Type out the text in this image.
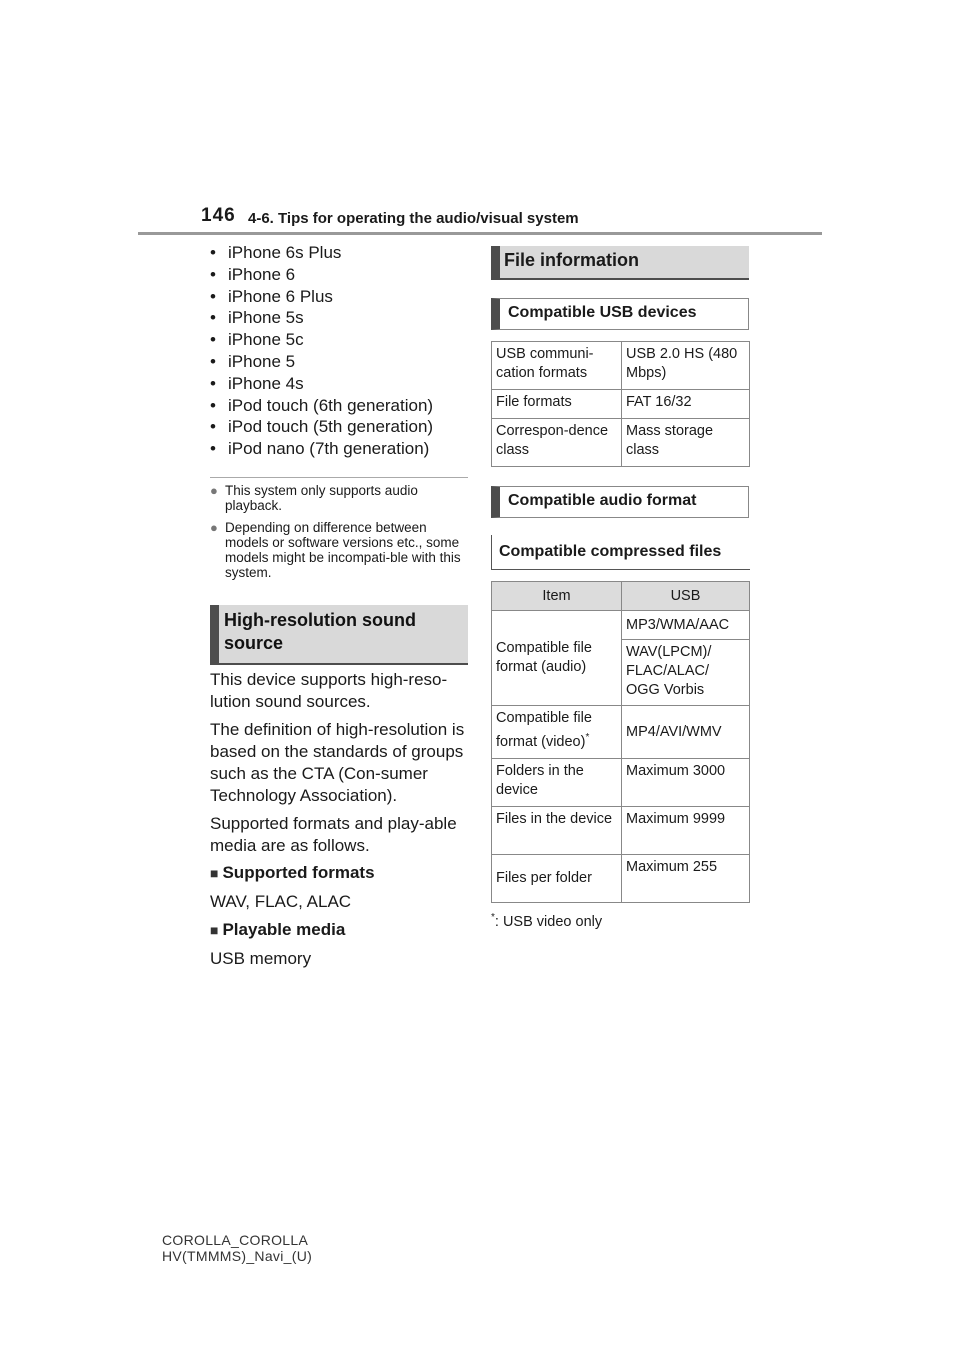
146 4-6. Tips for operating the audio/visual system
• iPhone 6s Plus
• iPhone 6
• iPhone 6 Plus
• iPhone 5s
• iPhone 5c
• iPhone 5
• iPhone 4s
• iPod touch (6th generation)
• iPod touch (5th generation)
• iPod nano (7th generation)
● This system only supports audio playback.
● Depending on difference between models or software versions etc., some models might be incompati-ble with this system.
High-resolution sound
source
This device supports high-reso-lution sound sources.
The definition of high-resolution is based on the standards of groups such as the CTA (Con-sumer Technology Association).
Supported formats and play-able media are as follows.
■ Supported formats
WAV, FLAC, ALAC
■ Playable media
USB memory
File information
Compatible USB devices
USB communi-cation formats	USB 2.0 HS (480 Mbps)
File formats	FAT 16/32
Correspon-dence class	Mass storage class
Compatible audio format
Compatible compressed files
Item	USB
Compatible file format (audio)	MP3/WMA/AAC
	WAV(LPCM)/ FLAC/ALAC/ OGG Vorbis
Compatible file format (video)*	MP4/AVI/WMV
Folders in the device	Maximum 3000
Files in the device	Maximum 9999
Files per folder	Maximum 255
*: USB video only
COROLLA_COROLLA
HV(TMMMS)_Navi_(U)
